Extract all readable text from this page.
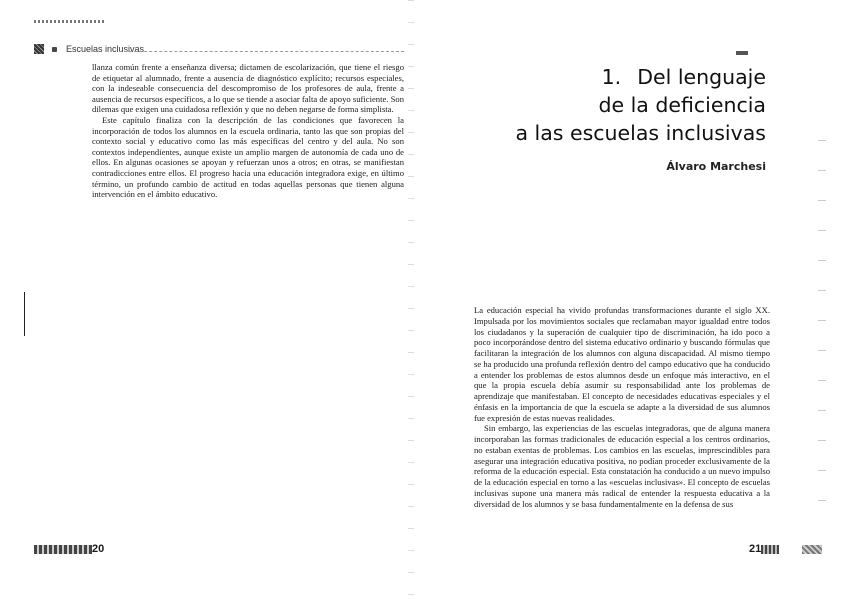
Escuelas inclusivas

llanza común frente a enseñanza diversa; dictamen de escolarización, que tiene el riesgo de etiquetar al alumnado, frente a ausencia de diagnóstico explícito; recursos especiales, con la indeseable consecuencia del descompromiso de los profesores de aula, frente a ausencia de recursos específicos, a lo que se tiende a asociar falta de apoyo suficiente. Son dilemas que exigen una cuidadosa reflexión y que no deben negarse de forma simplista.

Este capítulo finaliza con la descripción de las condiciones que favorecen la incorporación de todos los alumnos en la escuela ordinaria, tanto las que son propias del contexto social y educativo como las más específicas del centro y del aula. No son contextos independientes, aunque existe un amplio margen de autonomía de cada uno de ellos. En algunas ocasiones se apoyan y refuerzan unos a otros; en otras, se manifiestan contradicciones entre ellos. El progreso hacia una educación integradora exige, en último término, un profundo cambio de actitud en todas aquellas personas que tienen alguna intervención en el ámbito educativo.

20
1. Del lenguaje
de la deficiencia
a las escuelas inclusivas
Álvaro Marchesi

La educación especial ha vivido profundas transformaciones durante el siglo XX. Impulsada por los movimientos sociales que reclamaban mayor igualdad entre todos los ciudadanos y la superación de cualquier tipo de discriminación, ha ido poco a poco incorporándose dentro del sistema educativo ordinario y buscando fórmulas que facilitaran la integración de los alumnos con alguna discapacidad. Al mismo tiempo se ha producido una profunda reflexión dentro del campo educativo que ha conducido a entender los problemas de estos alumnos desde un enfoque más interactivo, en el que la propia escuela debía asumir su responsabilidad ante los problemas de aprendizaje que manifestaban. El concepto de necesidades educativas especiales y el énfasis en la importancia de que la escuela se adapte a la diversidad de sus alumnos fue expresión de estas nuevas realidades.

Sin embargo, las experiencias de las escuelas integradoras, que de alguna manera incorporaban las formas tradicionales de educación especial a los centros ordinarios, no estaban exentas de problemas. Los cambios en las escuelas, imprescindibles para asegurar una integración educativa positiva, no podían proceder exclusivamente de la reforma de la educación especial. Esta constatación ha conducido a un nuevo impulso de la educación especial en torno a las «escuelas inclusivas». El concepto de escuelas inclusivas supone una manera más radical de entender la respuesta educativa a la diversidad de los alumnos y se basa fundamentalmente en la defensa de sus

21
